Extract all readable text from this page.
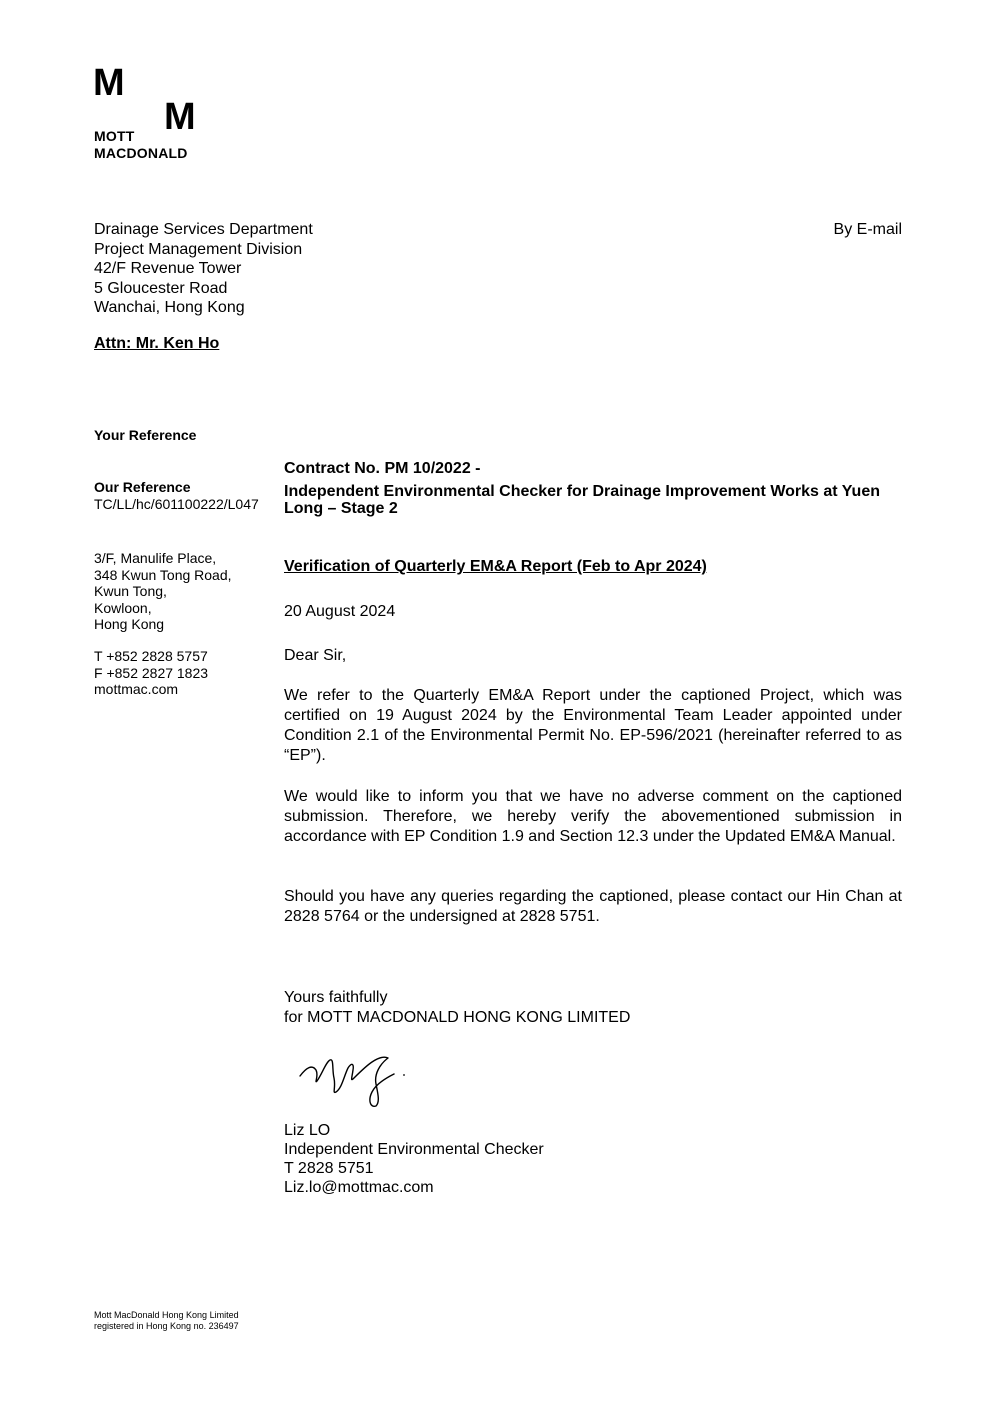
M
M
MOTT
MACDONALD
Drainage Services Department
Project Management Division
42/F Revenue Tower
5 Gloucester Road
Wanchai, Hong Kong
By E-mail
Attn: Mr. Ken Ho
Your Reference
Our Reference
TC/LL/hc/601100222/L047
3/F, Manulife Place,
348 Kwun Tong Road,
Kwun Tong,
Kowloon,
Hong Kong
T +852 2828 5757
F +852 2827 1823
mottmac.com
Contract No. PM 10/2022 -
Independent Environmental Checker for Drainage Improvement Works at Yuen Long – Stage 2
Verification of Quarterly EM&A Report (Feb to Apr 2024)
20 August 2024
Dear Sir,
We refer to the Quarterly EM&A Report under the captioned Project, which was certified on 19 August 2024 by the Environmental Team Leader appointed under Condition 2.1 of the Environmental Permit No. EP-596/2021 (hereinafter referred to as “EP”).
We would like to inform you that we have no adverse comment on the captioned submission. Therefore, we hereby verify the abovementioned submission in accordance with EP Condition 1.9 and Section 12.3 under the Updated EM&A Manual.
Should you have any queries regarding the captioned, please contact our Hin Chan at 2828 5764 or the undersigned at 2828 5751.
Yours faithfully
for MOTT MACDONALD HONG KONG LIMITED
Liz LO
Independent Environmental Checker
T 2828 5751
Liz.lo@mottmac.com
Mott MacDonald Hong Kong Limited
registered in Hong Kong no. 236497
